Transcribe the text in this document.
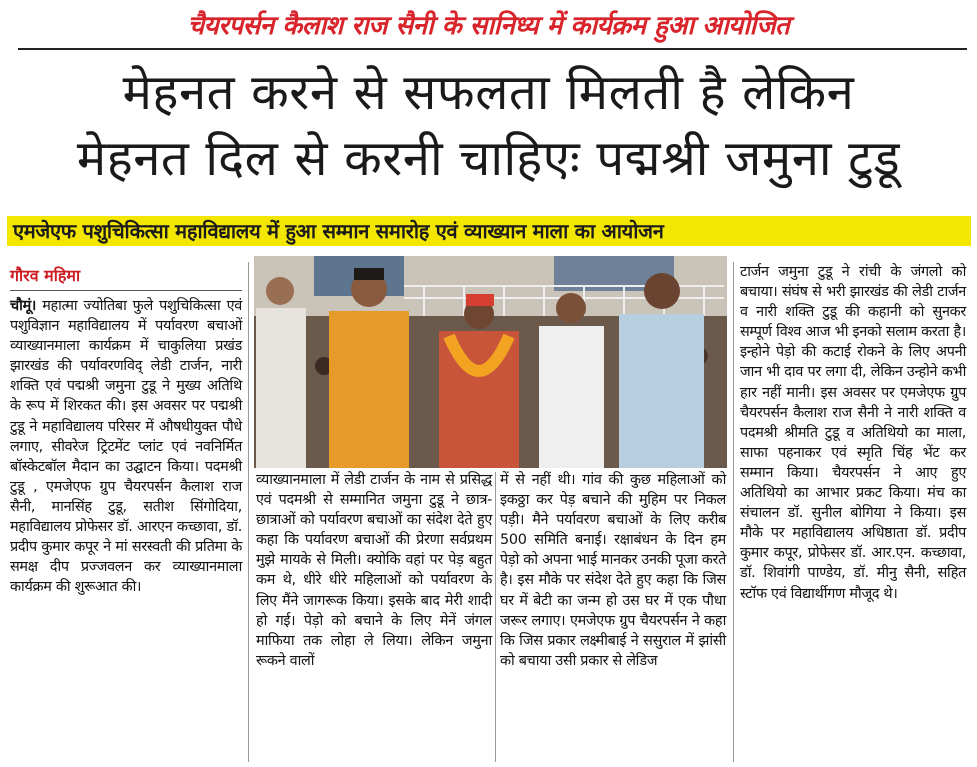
चैयरपर्सन कैलाश राज सैनी के सानिध्य में कार्यक्रम हुआ आयोजित
मेहनत करने से सफलता मिलती है लेकिन
मेहनत दिल से करनी चाहिएः पद्मश्री जमुना टुडू
एमजेएफ पशुचिकित्सा महाविद्यालय में हुआ सम्मान समारोह एवं व्याख्यान माला का आयोजन
गौरव महिमा
चौमूं। महात्मा ज्योतिबा फुले पशुचिकित्सा एवं पशुविज्ञान महाविद्यालय में पर्यावरण बचाओं व्याख्यानमाला कार्यक्रम में चाकुलिया प्रखंड झारखंड की पर्यावरणविद् लेडी टार्जन, नारी शक्ति एवं पद्मश्री जमुना टुडू ने मुख्य अतिथि के रूप में शिरकत की। इस अवसर पर पद्मश्री टुडू ने महाविद्यालय परिसर में औषधीयुक्त पौधे लगाए, सीवरेज ट्रिटमेंट प्लांट एवं नवनिर्मित बॉस्केटबॉल मैदान का उद्घाटन किया। पदमश्री टुडू , एमजेएफ ग्रुप चैयरपर्सन कैलाश राज सैनी, मानसिंह टुडू, सतीश सिंगोदिया, महाविद्यालय प्रोफेसर डॉ. आरएन कच्छावा, डॉ. प्रदीप कुमार कपूर ने मां सरस्वती की प्रतिमा के समक्ष दीप प्रज्जवलन कर व्याख्यानमाला कार्यक्रम की शुरूआत की।
व्याख्यानमाला में लेडी टार्जन के नाम से प्रसिद्ध एवं पदमश्री से सम्मानित जमुना टुडू ने छात्र-छात्राओं को पर्यावरण बचाओं का संदेश देते हुए कहा कि पर्यावरण बचाओं की प्रेरणा सर्वप्रथम मुझे मायके से मिली। क्योकि वहां पर पेड़ बहुत कम थे, धीरे धीरे महिलाओं को पर्यावरण के लिए मैंने जागरूक किया। इसके बाद मेरी शादी हो गई। पेड़ो को बचाने के लिए मेनें जंगल माफिया तक लोहा ले लिया। लेकिन जमुना रूकने वालों
में से नहीं थी। गांव की कुछ महिलाओं को इकठ्ठा कर पेड़ बचाने की मुहिम पर निकल पड़ी। मैने पर्यावरण बचाओं के लिए करीब 500 समिति बनाई। रक्षाबंधन के दिन हम पेड़ो को अपना भाई मानकर उनकी पूजा करते है। इस मौके पर संदेश देते हुए कहा कि जिस घर में बेटी का जन्म हो उस घर में एक पौधा जरूर लगाए। एमजेएफ ग्रुप चैयरपर्सन ने कहा कि जिस प्रकार लक्ष्मीबाई ने ससुराल में झांसी को बचाया उसी प्रकार से लेडिज
टार्जन जमुना टुडू ने रांची के जंगलो को बचाया। संघंष से भरी झारखंड की लेडी टार्जन व नारी शक्ति टुडू की कहानी को सुनकर सम्पूर्ण विश्व आज भी इनको सलाम करता है। इन्होने पेड़ो की कटाई रोकने के लिए अपनी जान भी दाव पर लगा दी, लेकिन उन्होने कभी हार नहीं मानी। इस अवसर पर एमजेएफ ग्रुप चैयरपर्सन कैलाश राज सैनी ने नारी शक्ति व पदमश्री श्रीमति टुडू व अतिथियो का माला, साफा पहनाकर एवं स्मृति चिंह भेंट कर सम्मान किया। चैयरपर्सन ने आए हुए अतिथियो का आभार प्रकट किया। मंच का संचालन डॉ. सुनील बोगिया ने किया। इस मौके पर महाविद्यालय अधिष्ठाता डॉ. प्रदीप कुमार कपूर, प्रोफेसर डॉ. आर.एन. कच्छावा, डॉ. शिवांगी पाण्डेय, डॉ. मीनु सैनी, सहित स्टॉफ एवं विद्यार्थीगण मौजूद थे।
